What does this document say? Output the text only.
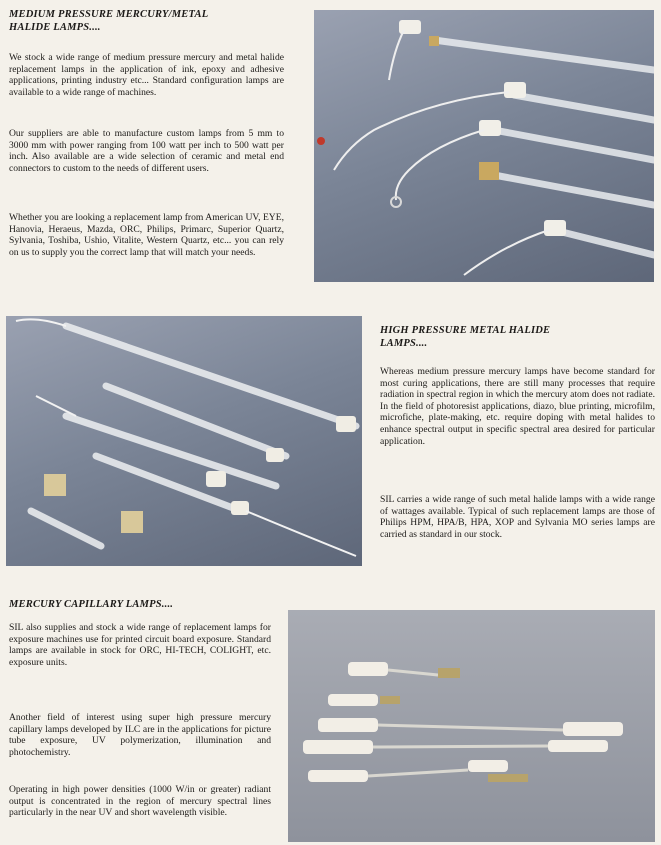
MEDIUM PRESSURE MERCURY/METAL
HALIDE LAMPS....

We stock a wide range of medium pressure mercury and metal halide replacement lamps in the application of ink, epoxy and adhesive applications, printing industry etc... Standard configuration lamps are available to a wide range of machines.

Our suppliers are able to manufacture custom lamps from 5 mm to 3000 mm with power ranging from 100 watt per inch to 500 watt per inch. Also available are a wide selection of ceramic and metal end connectors to custom to the needs of different users.

Whether you are looking a replacement lamp from American UV, EYE, Hanovia, Heraeus, Mazda, ORC, Philips, Primarc, Superior Quartz, Sylvania, Toshiba, Ushio, Vitalite, Western Quartz, etc... you can rely on us to supply you the correct lamp that will match your needs.

HIGH PRESSURE METAL HALIDE
LAMPS....

Whereas medium pressure mercury lamps have become standard for most curing applications, there are still many processes that require radiation in spectral region in which the mercury atom does not radiate. In the field of photoresist applications, diazo, blue printing, microfilm, microfiche, plate-making, etc. require doping with metal halides to enhance spectral output in specific spectral area desired for particular application.

SIL carries a wide range of such metal halide lamps with a wide range of wattages available. Typical of such replacement lamps are those of Philips HPM, HPA/B, HPA, XOP and Sylvania MO series lamps are carried as standard in our stock.

MERCURY CAPILLARY LAMPS....

SIL also supplies and stock a wide range of replacement lamps for exposure machines use for printed circuit board exposure. Standard lamps are available in stock for ORC, HI-TECH, COLIGHT, etc. exposure units.

Another field of interest using super high pressure mercury capillary lamps developed by ILC are in the applications for picture tube exposure, UV polymerization, illumination and photochemistry.

Operating in high power densities (1000 W/in or greater) radiant output is concentrated in the region of mercury spectral lines particularly in the near UV and short wavelength visible.
